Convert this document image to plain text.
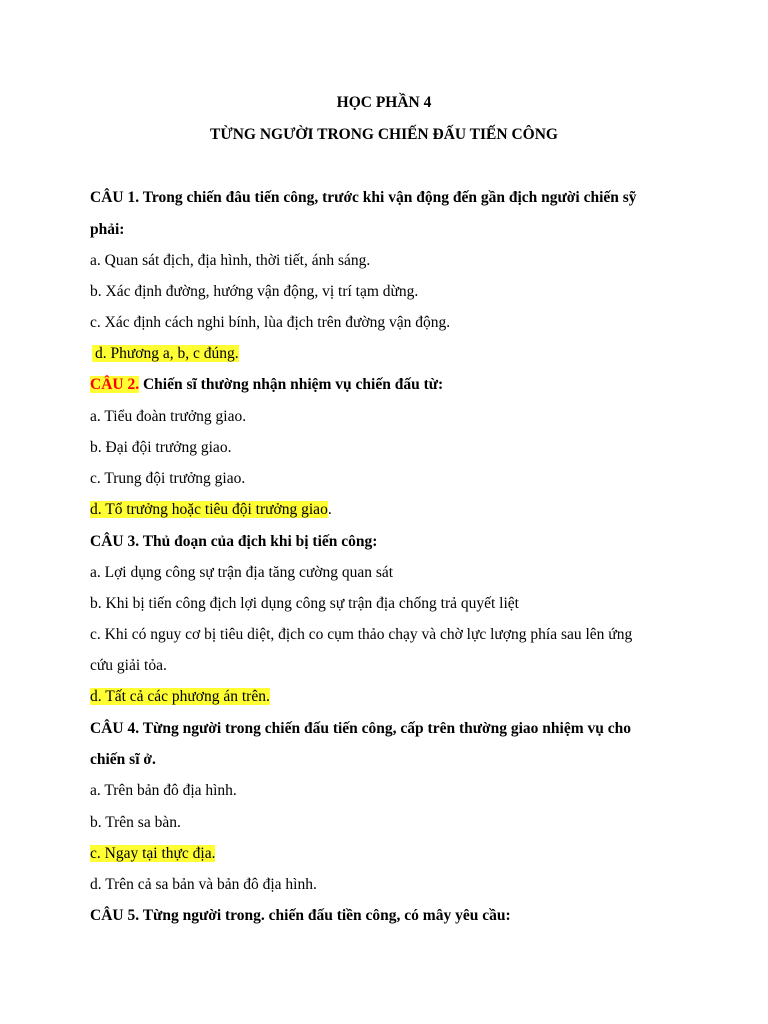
HỌC PHẦN 4
TỪNG NGƯỜI TRONG CHIẾN ĐẤU TIẾN CÔNG
CÂU 1. Trong chiến đâu tiến công, trước khi vận động đến gần địch người chiến sỹ
phải:
a. Quan sát địch, địa hình, thời tiết, ánh sáng.
b. Xác định đường, hướng vận động, vị trí tạm dừng.
c. Xác định cách nghi bính, lùa địch trên đường vận động.
d. Phương a, b, c đúng.
CÂU 2. Chiến sĩ thường nhận nhiệm vụ chiến đấu từ:
a. Tiểu đoàn trưởng giao.
b. Đại đội trưởng giao.
c. Trung đội trưởng giao.
d. Tổ trưởng hoặc tiêu đội trưởng giao.
CÂU 3. Thủ đoạn của địch khi bị tiến công:
a. Lợi dụng công sự trận địa tăng cường quan sát
b. Khi bị tiến công địch lợi dụng công sự trận địa chống trả quyết liệt
c. Khi có nguy cơ bị tiêu diệt, địch co cụm thảo chạy và chờ lực lượng phía sau lên ứng
cứu giải tỏa.
d. Tất cả các phương án trên.
CÂU 4. Từng người trong chiến đấu tiến công, cấp trên thường giao nhiệm vụ cho
chiến sĩ ở.
a. Trên bản đô địa hình.
b. Trên sa bàn.
c. Ngay tại thực địa.
d. Trên cả sa bản và bản đô địa hình.
CÂU 5. Từng người trong. chiến đấu tiền công, có mây yêu cầu:
